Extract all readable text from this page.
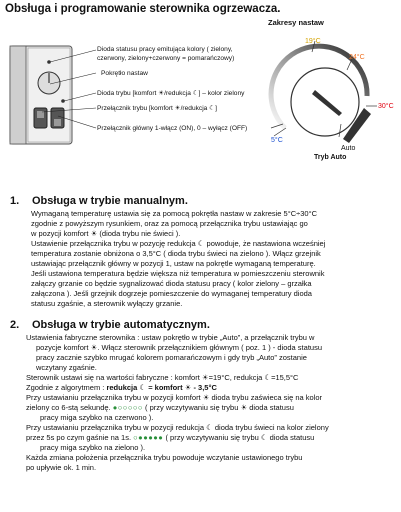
Obsługa i programowanie sterownika ogrzewacza.
Dioda statusu pracy emitująca kolory ( zielony,
czerwony, zielony+czerwony = pomarańczowy)
Pokrętło nastaw
Dioda trybu [komfort ☀/redukcja ☾] – kolor zielony
Przełącznik trybu [komfort ☀/redukcja ☾]
Przełącznik główny 1-włącz (ON), 0 – wyłącz (OFF)
Zakresy nastaw
19°C
24°C
30°C
5°C
Auto
Tryb Auto
1. Obsługa w trybie manualnym.

Wymaganą temperaturę ustawia się za pomocą pokrętła nastaw w zakresie 5°C÷30°C

zgodnie z powyższym rysunkiem, oraz za pomocą przełącznika trybu ustawiając go

w pozycji komfort ☀ (dioda trybu nie świeci ).

Ustawienie przełącznika trybu w pozycję redukcja ☾ powoduje, że nastawiona wcześniej

temperatura zostanie obniżona o 3,5°C ( dioda trybu świeci na zielono ). Włącz grzejnik

ustawiając przełącznik główny w pozycji 1, ustaw na pokrętle wymaganą temperaturę.

Jeśli ustawiona temperatura będzie większa niż temperatura w pomieszczeniu sterownik

załączy grzanie co będzie sygnalizować dioda statusu pracy ( kolor zielony – grzałka

załączona ). Jeśli grzejnik dogrzeje pomieszczenie do wymaganej temperatury dioda

statusu zgaśnie, a sterownik wyłączy grzanie.

2. Obsługa w trybie automatycznym.

Ustawienia fabryczne sterownika : ustaw pokrętło w trybie „Auto”, a przełącznik trybu w

pozycje komfort ☀. Włącz sterownik przełącznikiem głównym ( poz. 1 ) - dioda statusu

pracy zacznie szybko mrugać kolorem pomarańczowym i gdy tryb „Auto” zostanie

wczytany zgaśnie.

Sterownik ustawi się na wartości fabryczne : komfort ☀=19°C, redukcja ☾=15,5°C

Zgodnie z algorytmem : redukcja ☾ = komfort ☀ - 3,5°C

Przy ustawianiu przełącznika trybu w pozycji komfort ☀ dioda trybu zaświeca się na kolor

zielony co 6-stą sekundę. ●○○○○○ ( przy wczytywaniu się trybu ☀ dioda statusu

pracy miga szybko na czerwono ).

Przy ustawianiu przełącznika trybu w pozycji redukcja ☾ dioda trybu świeci na kolor zielony

przez 5s po czym gaśnie na 1s. ○●●●●● ( przy wczytywaniu się trybu ☾ dioda statusu

pracy miga szybko na zielono ).

Każda zmiana położenia przełącznika trybu powoduje wczytanie ustawionego trybu

po upływie ok. 1 min.
